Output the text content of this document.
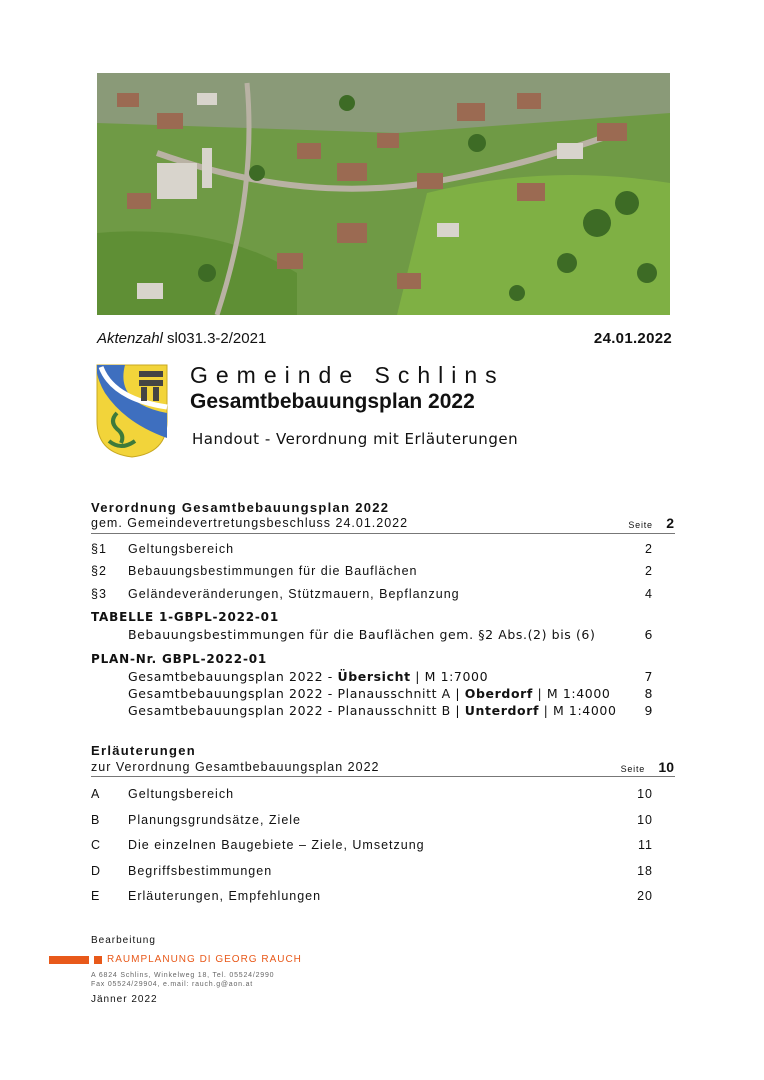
Aktenzahl sl031.3-2/2021	24.01.2022
Gemeinde Schlins
Gesamtbebauungsplan 2022
Handout - Verordnung mit Erläuterungen
Verordnung Gesamtbebauungsplan 2022
gem. Gemeindevertretungsbeschluss 24.01.2022	Seite 2
§1 Geltungsbereich	2
§2 Bebauungsbestimmungen für die Bauflächen	2
§3 Geländeveränderungen, Stützmauern, Bepflanzung	4
TABELLE 1-GBPL-2022-01
Bebauungsbestimmungen für die Bauflächen gem. §2 Abs.(2) bis (6)	6
PLAN-Nr. GBPL-2022-01
Gesamtbebauungsplan 2022 - Übersicht | M 1:7000	7
Gesamtbebauungsplan 2022 - Planausschnitt A | Oberdorf | M 1:4000	8
Gesamtbebauungsplan 2022 - Planausschnitt B | Unterdorf | M 1:4000 9
Erläuterungen
zur Verordnung Gesamtbebauungsplan 2022	Seite 10
A Geltungsbereich	10
B Planungsgrundsätze, Ziele	10
C Die einzelnen Baugebiete – Ziele, Umsetzung	11
D Begriffsbestimmungen	18
E Erläuterungen, Empfehlungen	20
Bearbeitung
RAUMPLANUNG DI GEORG RAUCH
A 6824 Schlins, Winkelweg 18, Tel. 05524/2990
Fax 05524/29904, e.mail: rauch.g@aon.at
Jänner 2022
